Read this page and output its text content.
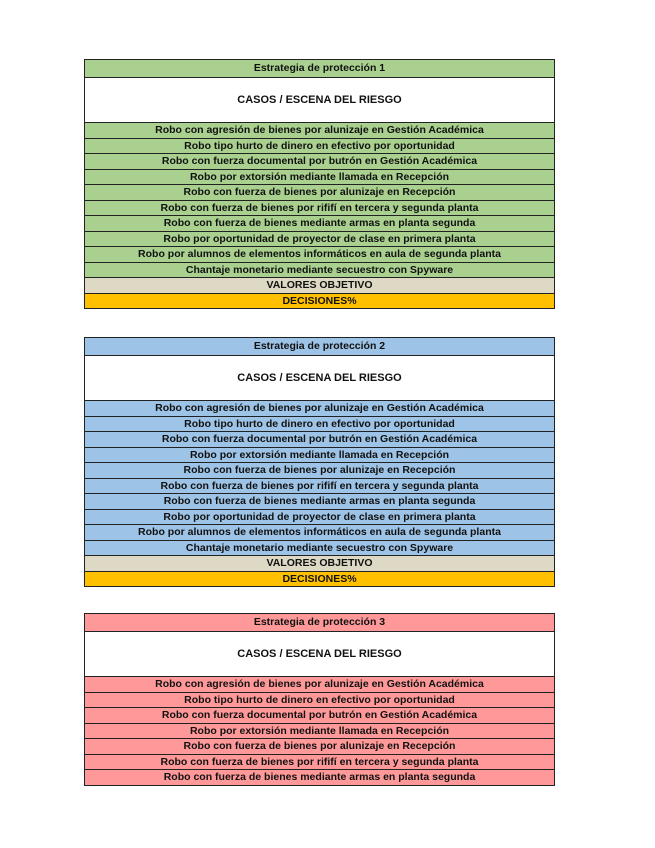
Estrategia de protección 1
CASOS / ESCENA DEL RIESGO
Robo con agresión de bienes por alunizaje en Gestión Académica
Robo tipo hurto de dinero en efectivo por oportunidad
Robo con fuerza documental por butrón en Gestión Académica
Robo por extorsión mediante llamada en Recepción
Robo con fuerza de bienes por alunizaje en Recepción
Robo con fuerza de bienes por rififí en tercera y segunda planta
Robo con fuerza de bienes mediante armas en planta segunda
Robo por oportunidad de proyector de clase en primera planta
Robo por alumnos de elementos informáticos en aula de segunda planta
Chantaje monetario mediante secuestro con Spyware
VALORES OBJETIVO
DECISIONES%
Estrategia de protección 2
CASOS / ESCENA DEL RIESGO
Robo con agresión de bienes por alunizaje en Gestión Académica
Robo tipo hurto de dinero en efectivo por oportunidad
Robo con fuerza documental por butrón en Gestión Académica
Robo por extorsión mediante llamada en Recepción
Robo con fuerza de bienes por alunizaje en Recepción
Robo con fuerza de bienes por rififí en tercera y segunda planta
Robo con fuerza de bienes mediante armas en planta segunda
Robo por oportunidad de proyector de clase en primera planta
Robo por alumnos de elementos informáticos en aula de segunda planta
Chantaje monetario mediante secuestro con Spyware
VALORES OBJETIVO
DECISIONES%
Estrategia de protección 3
CASOS / ESCENA DEL RIESGO
Robo con agresión de bienes por alunizaje en Gestión Académica
Robo tipo hurto de dinero en efectivo por oportunidad
Robo con fuerza documental por butrón en Gestión Académica
Robo por extorsión mediante llamada en Recepción
Robo con fuerza de bienes por alunizaje en Recepción
Robo con fuerza de bienes por rififí en tercera y segunda planta
Robo con fuerza de bienes mediante armas en planta segunda
